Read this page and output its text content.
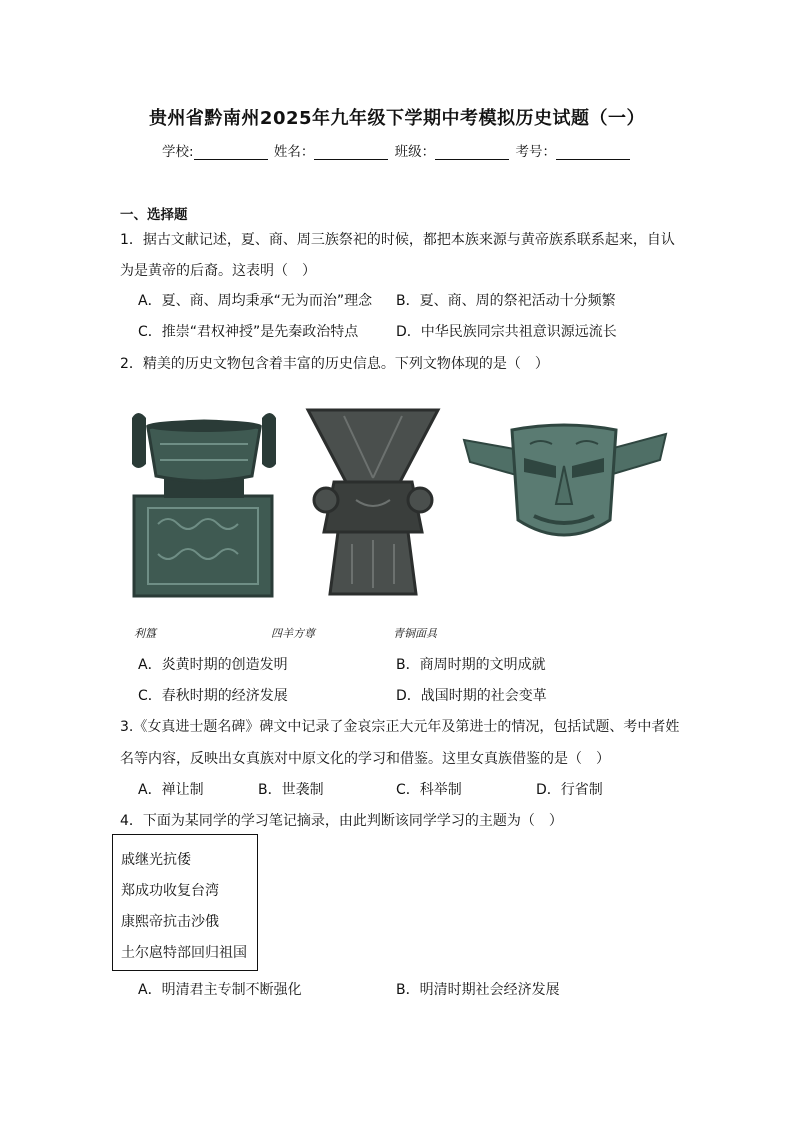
贵州省黔南州2025年九年级下学期中考模拟历史试题（一）
学校:	姓名：	班级：	考号：
一、选择题
1．据古文献记述，夏、商、周三族祭祀的时候，都把本族来源与黄帝族系联系起来，自认
为是黄帝的后裔。这表明（　）
A．夏、商、周均秉承“无为而治”理念 B．夏、商、周的祭祀活动十分频繁
C．推崇“君权神授”是先秦政治特点	D．中华民族同宗共祖意识源远流长
2．精美的历史文物包含着丰富的历史信息。下列文物体现的是（　）
利簋	四羊方尊	青铜面具
A．炎黄时期的创造发明	B．商周时期的文明成就
C．春秋时期的经济发展	D．战国时期的社会变革
3.《女真进士题名碑》碑文中记录了金哀宗正大元年及第进士的情况，包括试题、考中者姓
名等内容，反映出女真族对中原文化的学习和借鉴。这里女真族借鉴的是（　）
A．禅让制	B．世袭制	C．科举制	D．行省制
4．下面为某同学的学习笔记摘录，由此判断该同学学习的主题为（　）
戚继光抗倭
郑成功收复台湾
康熙帝抗击沙俄
土尔扈特部回归祖国
A．明清君主专制不断强化	B．明清时期社会经济发展
